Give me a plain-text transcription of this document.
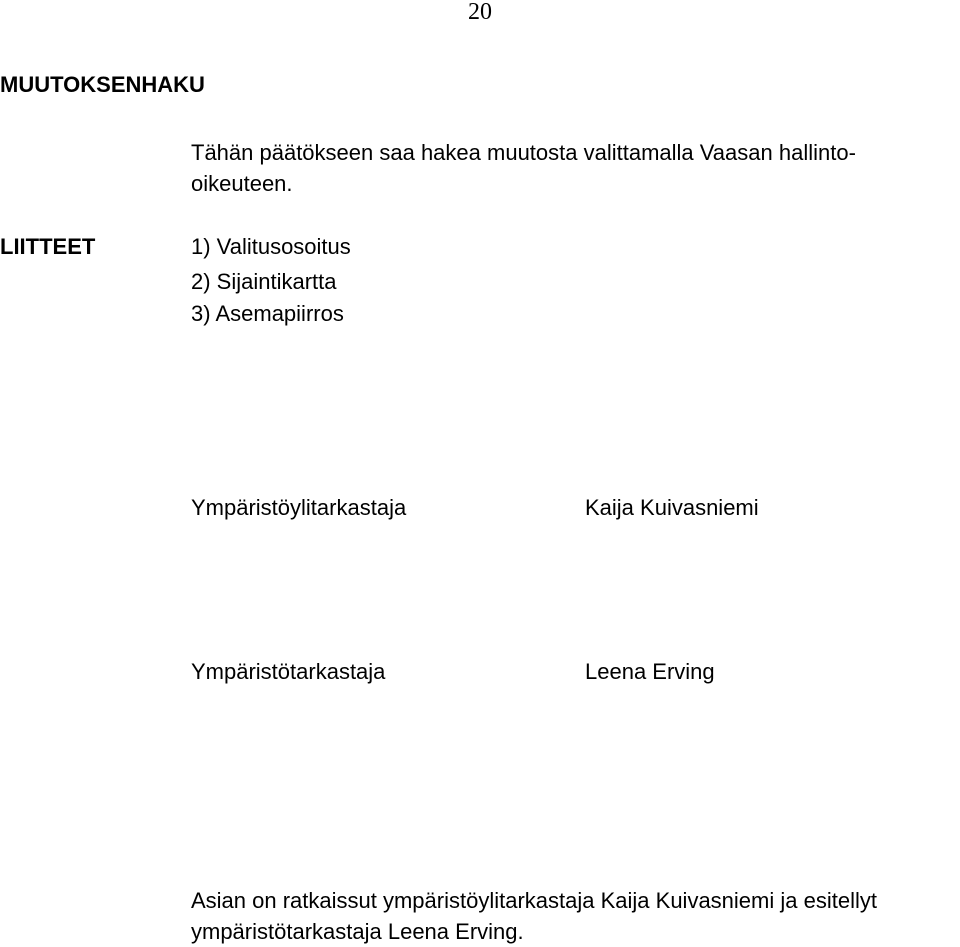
20
MUUTOKSENHAKU
Tähän päätökseen saa hakea muutosta valittamalla Vaasan hallinto-
oikeuteen.
LIITTEET	1) Valitusosoitus
2) Sijaintikartta
3) Asemapiirros
Ympäristöylitarkastaja	Kaija Kuivasniemi
Ympäristötarkastaja	Leena Erving
Asian on ratkaissut ympäristöylitarkastaja Kaija Kuivasniemi ja esitellyt
ympäristötarkastaja Leena Erving.
